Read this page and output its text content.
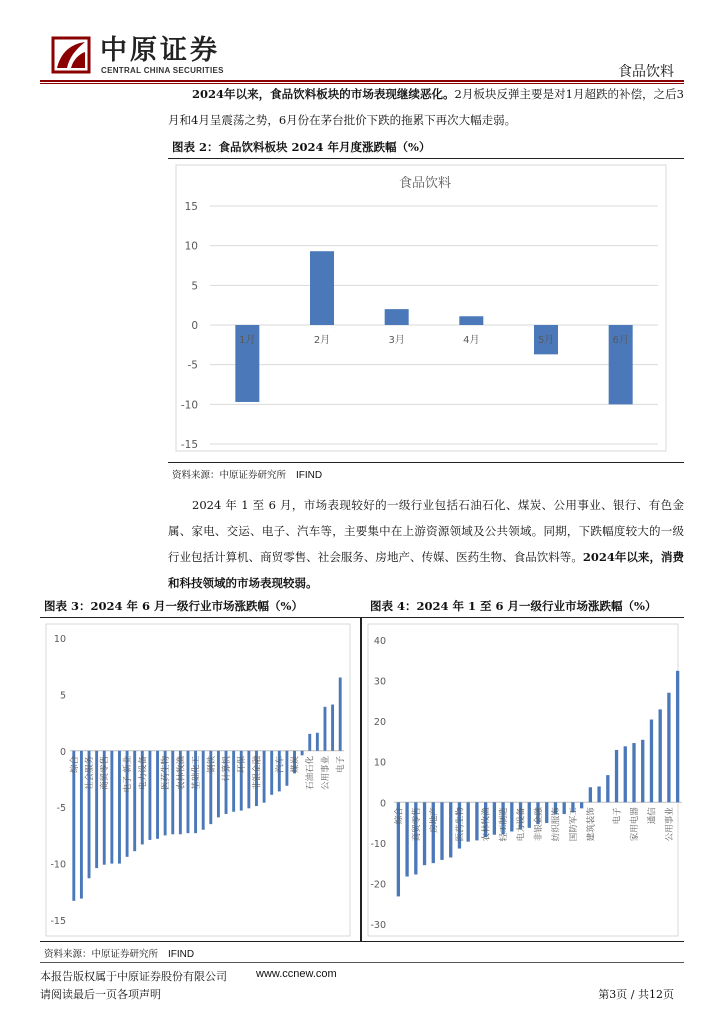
中原证券
CENTRAL CHINA SECURITIES	食品饮料
2024年以来，食品饮料板块的市场表现继续恶化。2月板块反弹主要是对1月超跌的补偿，之后3月和4月呈震荡之势，6月份在茅台批价下跌的拖累下再次大幅走弱。
图表 2：食品饮料板块 2024 年月度涨跌幅（%）
食品饮料
-15
-10
-5
0
5
10
15
1月	2月	3月	4月	5月	6月
资料来源：中原证券研究所 IFIND
2024 年 1 至 6 月，市场表现较好的一级行业包括石油石化、煤炭、公用事业、银行、有色金属、家电、交运、电子、汽车等，主要集中在上游资源领域及公共领域。同期，下跌幅度较大的一级行业包括计算机、商贸零售、社会服务、房地产、传媒、医药生物、食品饮料等。2024年以来，消费和科技领域的市场表现较弱。
图表 3：2024 年 6 月一级行业市场涨跌幅（%）	图表 4：2024 年 1 至 6 月一级行业市场涨跌幅（%）
-15
-10
-5
0
5
10
综合 社会服务 商贸零售 电子·新业 电力设备 医药生物 农林牧渔 基础化工 钢铁 计算机 环保 非银金融 汽车 煤炭 石油石化 公用事业 电子
-30
-20
-10
0
10
20
30
40
综合 商贸零售 房地产 医药生物 农林牧渔 轻工制造 电力设备 非银金融 纺织服饰 国防军工 建筑装饰 电子 家用电器 通信 公用事业
资料来源：中原证券研究所 IFIND
本报告版权属于中原证券股份有限公司	www.ccnew.com
请阅读最后一页各项声明	第3页 / 共12页
